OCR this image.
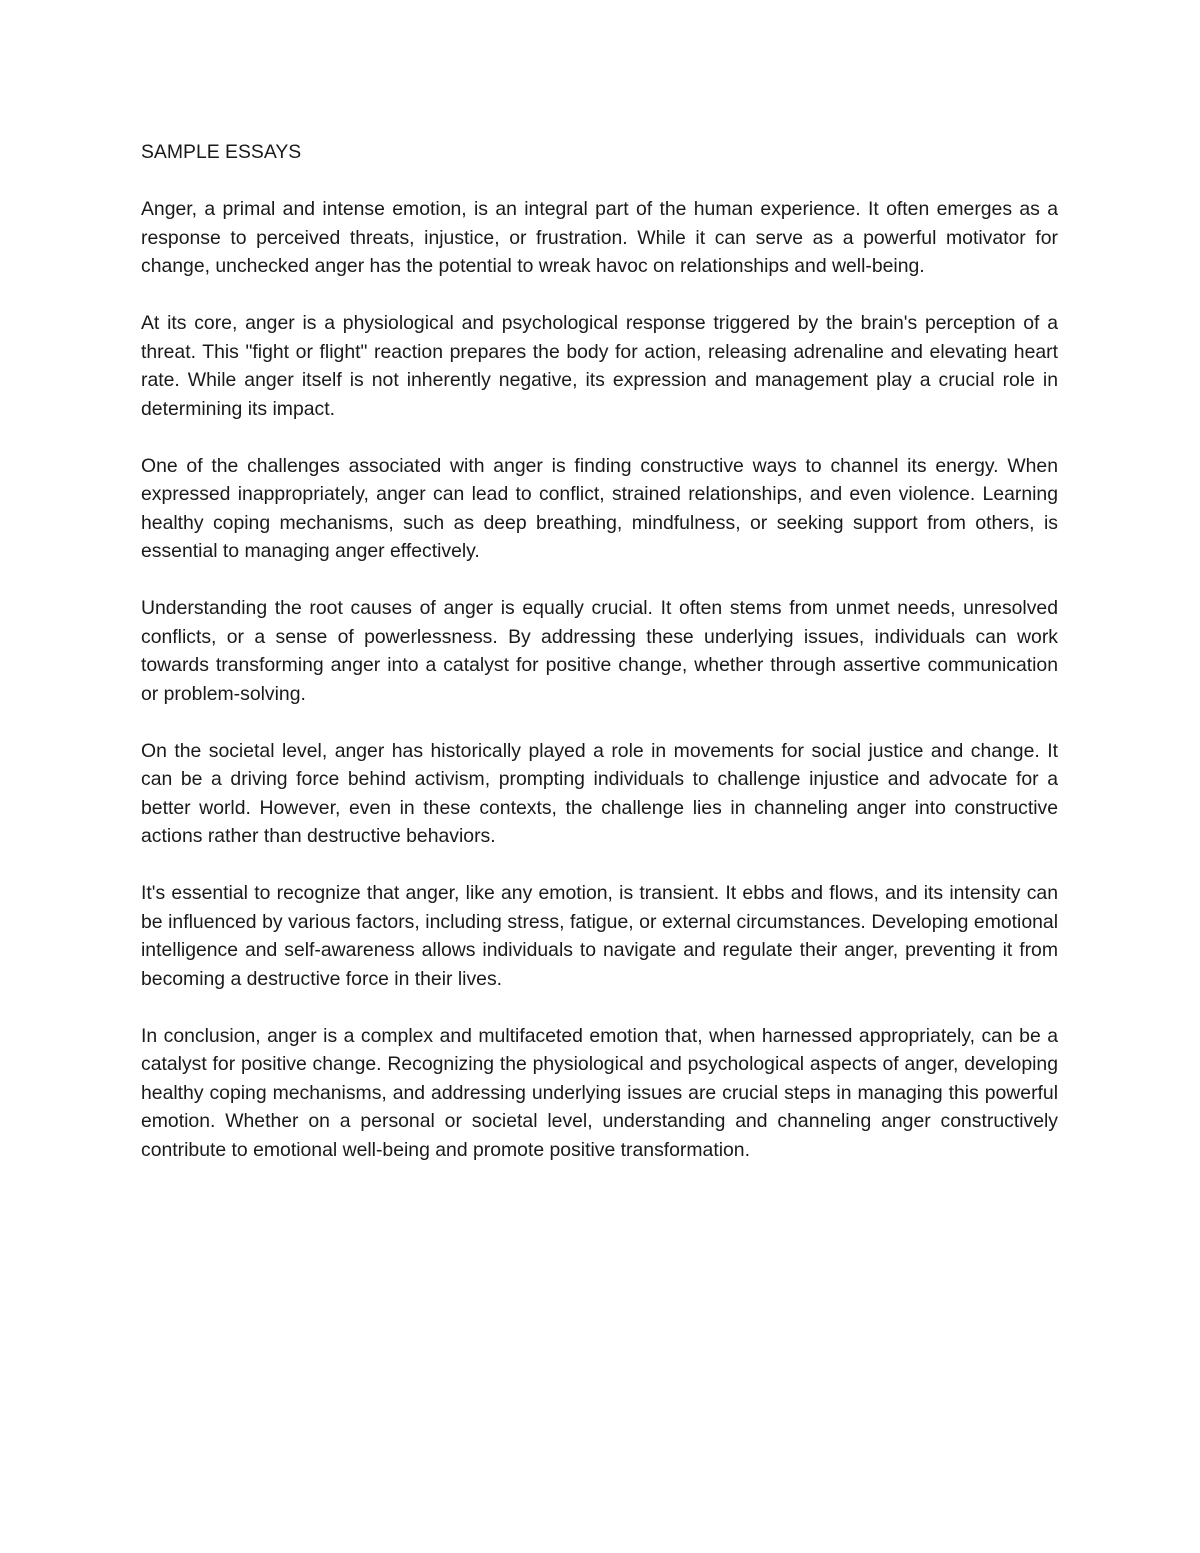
SAMPLE ESSAYS

Anger, a primal and intense emotion, is an integral part of the human experience. It often emerges as a response to perceived threats, injustice, or frustration. While it can serve as a powerful motivator for change, unchecked anger has the potential to wreak havoc on relationships and well-being.

At its core, anger is a physiological and psychological response triggered by the brain's perception of a threat. This "fight or flight" reaction prepares the body for action, releasing adrenaline and elevating heart rate. While anger itself is not inherently negative, its expression and management play a crucial role in determining its impact.

One of the challenges associated with anger is finding constructive ways to channel its energy. When expressed inappropriately, anger can lead to conflict, strained relationships, and even violence. Learning healthy coping mechanisms, such as deep breathing, mindfulness, or seeking support from others, is essential to managing anger effectively.

Understanding the root causes of anger is equally crucial. It often stems from unmet needs, unresolved conflicts, or a sense of powerlessness. By addressing these underlying issues, individuals can work towards transforming anger into a catalyst for positive change, whether through assertive communication or problem-solving.

On the societal level, anger has historically played a role in movements for social justice and change. It can be a driving force behind activism, prompting individuals to challenge injustice and advocate for a better world. However, even in these contexts, the challenge lies in channeling anger into constructive actions rather than destructive behaviors.

It's essential to recognize that anger, like any emotion, is transient. It ebbs and flows, and its intensity can be influenced by various factors, including stress, fatigue, or external circumstances. Developing emotional intelligence and self-awareness allows individuals to navigate and regulate their anger, preventing it from becoming a destructive force in their lives.

In conclusion, anger is a complex and multifaceted emotion that, when harnessed appropriately, can be a catalyst for positive change. Recognizing the physiological and psychological aspects of anger, developing healthy coping mechanisms, and addressing underlying issues are crucial steps in managing this powerful emotion. Whether on a personal or societal level, understanding and channeling anger constructively contribute to emotional well-being and promote positive transformation.
